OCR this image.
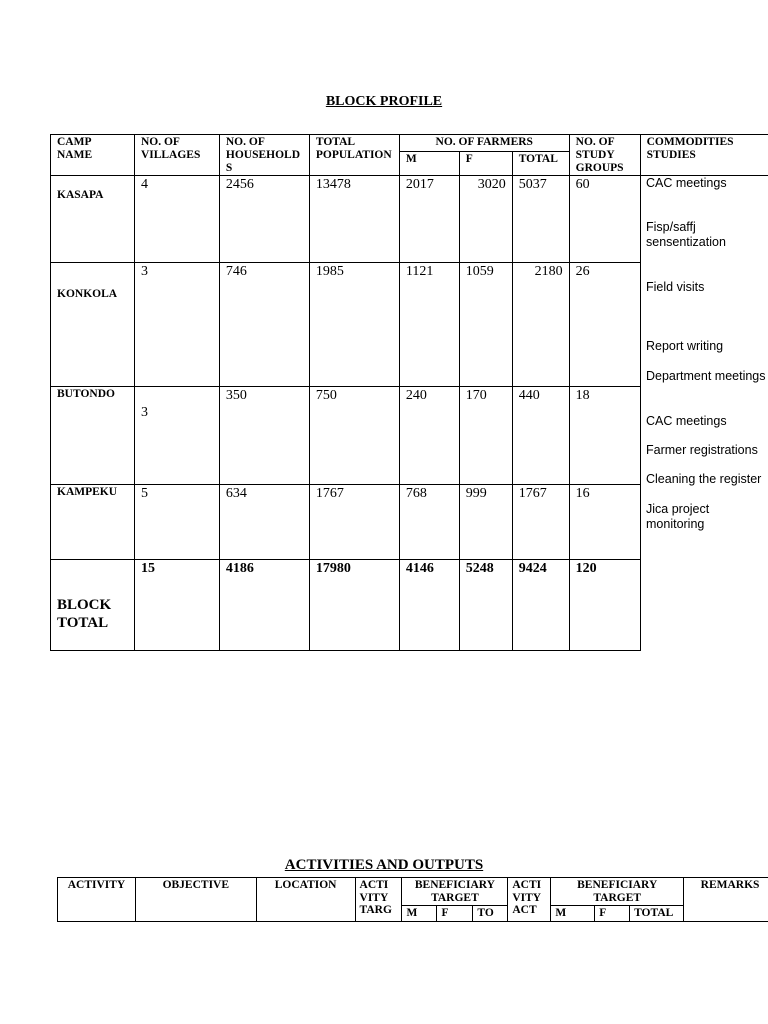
BLOCK PROFILE
CAMP NAME	NO. OF VILLAGES	NO. OF HOUSEHOLD S	TOTAL POPULATION	NO. OF FARMERS			NO. OF STUDY GROUPS	COMMODITIES STUDIES
				M	F	TOTAL		
KASAPA	4	2456	13478	2017	3020	5037	60	
KONKOLA	3	746	1985	1121	1059	2180	26	
BUTONDO	3	350	750	240	170	440	18	
KAMPEKU	5	634	1767	768	999	1767	16	
BLOCK TOTAL	15	4186	17980	4146	5248	9424	120	
CAC meetings
Fisp/saffj sensentization
Field visits
Report writing
Department meetings
CAC meetings
Farmer registrations
Cleaning the register
Jica project monitoring
ACTIVITIES AND OUTPUTS
ACTIVITY	OBJECTIVE	LOCATION	ACTI VITY TARG	BENEFICIARY TARGET			ACTI VITY ACT	BENEFICIARY TARGET			REMARKS
				M	F	TO		M	F	TOTAL	
